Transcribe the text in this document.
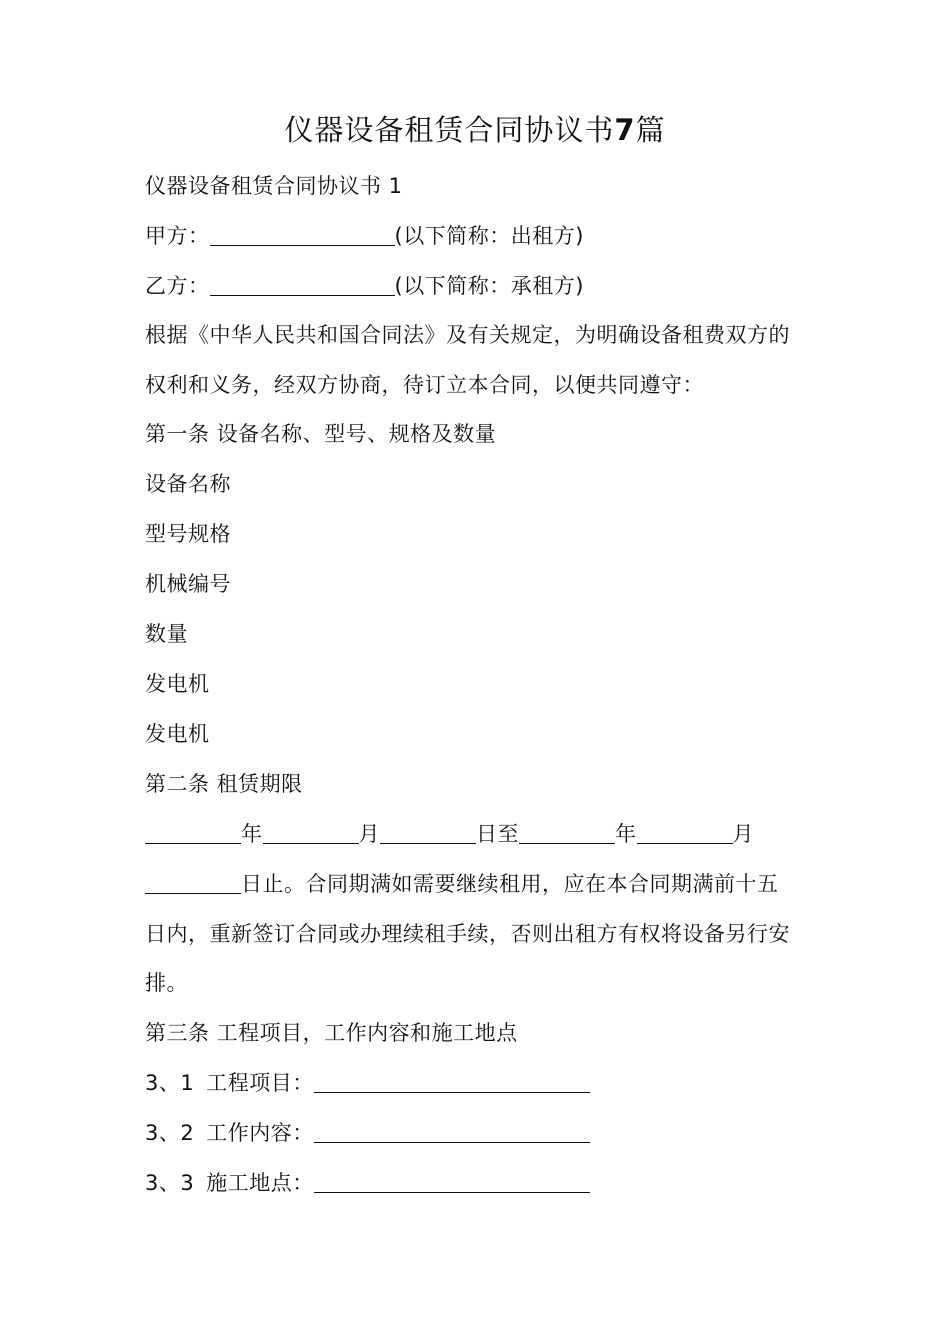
仪器设备租赁合同协议书7篇
仪器设备租赁合同协议书 1
甲方：	(以下简称：出租方)
乙方：	(以下简称：承租方)
根据《中华人民共和国合同法》及有关规定，为明确设备租费双方的
权利和义务，经双方协商，待订立本合同，以便共同遵守：
第一条 设备名称、型号、规格及数量
设备名称
型号规格
机械编号
数量
发电机
发电机
第二条 租赁期限
年	月	日至	年	月
日止。合同期满如需要继续租用，应在本合同期满前十五
日内，重新签订合同或办理续租手续，否则出租方有权将设备另行安
排。
第三条 工程项目，工作内容和施工地点
3、1 工程项目：
3、2 工作内容：
3、3 施工地点：
